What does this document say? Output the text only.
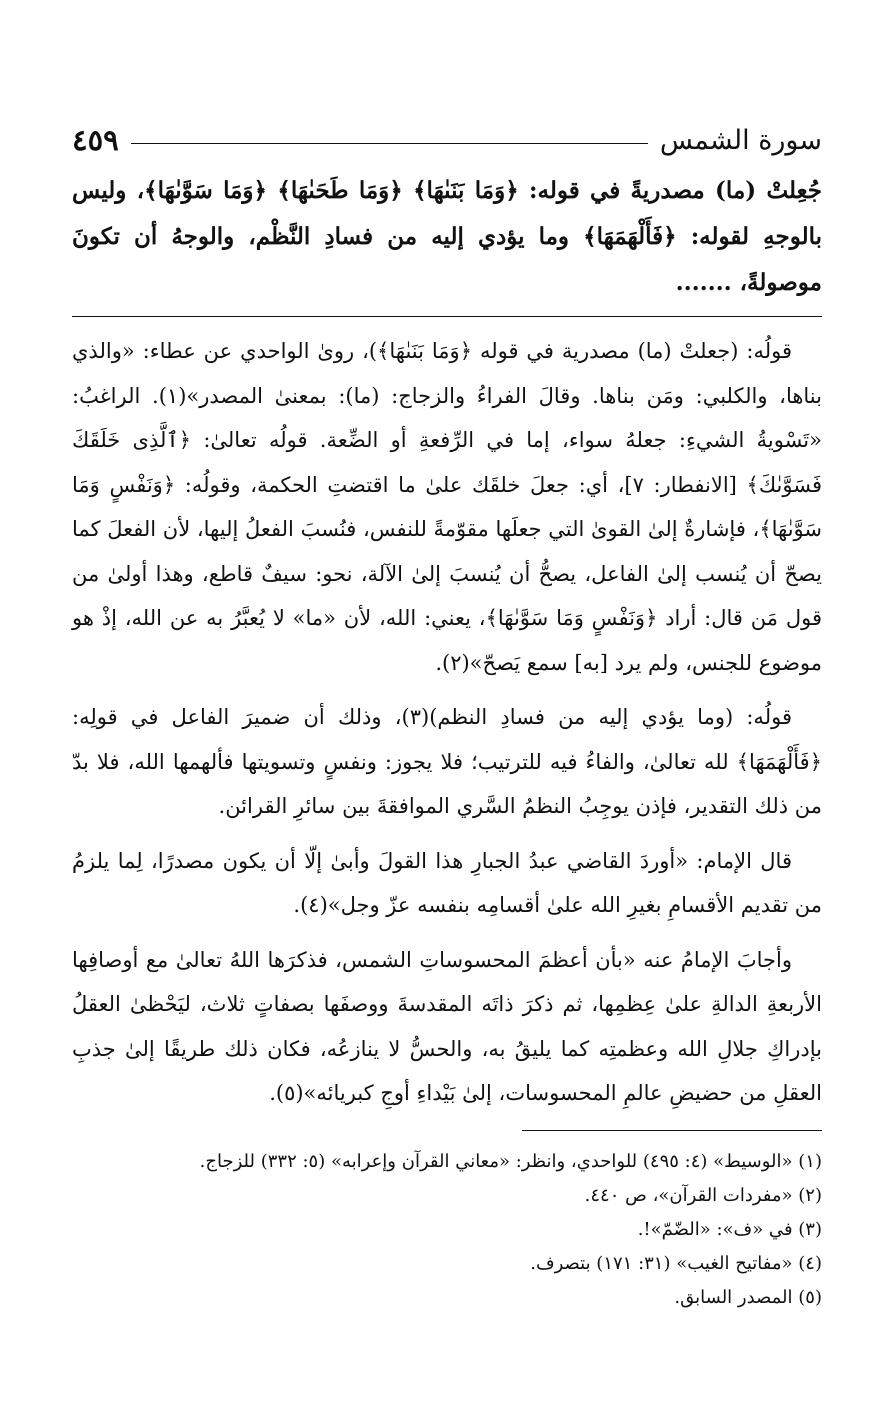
سورة الشمس
٤٥٩
جُعِلتْ (ما) مصدريةً في قوله: ﴿وَمَا بَنَىٰهَا﴾ ﴿وَمَا طَحَىٰهَا﴾ ﴿وَمَا سَوَّىٰهَا﴾، وليس بالوجهِ لقوله: ﴿فَأَلْهَمَهَا﴾ وما يؤدي إليه من فسادِ النَّظْم، والوجهُ أن تكونَ موصولةً، .......

قولُه: (جعلتْ (ما) مصدرية في قوله ﴿وَمَا بَنَىٰهَا﴾)، روىٰ الواحدي عن عطاء: «والذي بناها، والكلبي: ومَن بناها. وقالَ الفراءُ والزجاج: (ما): بمعنىٰ المصدر»(١). الراغبُ: «تَسْويةُ الشيءِ: جعلهُ سواء، إما في الرِّفعةِ أو الضِّعة. قولُه تعالىٰ: ﴿ٱلَّذِى خَلَقَكَ فَسَوَّىٰكَ﴾ [الانفطار: ٧]، أي: جعلَ خلقَك علىٰ ما اقتضتِ الحكمة، وقولُه: ﴿وَنَفْسٍ وَمَا سَوَّىٰهَا﴾، فإشارةٌ إلىٰ القوىٰ التي جعلَها مقوّمةً للنفس، فنُسبَ الفعلُ إليها، لأن الفعلَ كما يصحّ أن يُنسب إلىٰ الفاعل، يصحُّ أن يُنسبَ إلىٰ الآلة، نحو: سيفٌ قاطع، وهذا أولىٰ من قول مَن قال: أراد ﴿وَنَفْسٍ وَمَا سَوَّىٰهَا﴾، يعني: الله، لأن «ما» لا يُعبَّرُ به عن الله، إذْ هو موضوع للجنس، ولم يرد [به] سمع يَصحّ»(٢).

قولُه: (وما يؤدي إليه من فسادِ النظم)(٣)، وذلك أن ضميرَ الفاعل في قولِه: ﴿فَأَلْهَمَهَا﴾ لله تعالىٰ، والفاءُ فيه للترتيب؛ فلا يجوز: ونفسٍ وتسويتها فألهمها الله، فلا بدّ من ذلك التقدير، فإذن يوجِبُ النظمُ السَّري الموافقةَ بين سائرِ القرائن.

قال الإمام: «أوردَ القاضي عبدُ الجبارِ هذا القولَ وأبىٰ إلّا أن يكون مصدرًا، لِما يلزمُ من تقديم الأقسامِ بغيرِ الله علىٰ أقسامِه بنفسه عزّ وجل»(٤).

وأجابَ الإمامُ عنه «بأن أعظمَ المحسوساتِ الشمس، فذكرَها اللهُ تعالىٰ مع أوصافِها الأربعةِ الدالةِ علىٰ عِظمِها، ثم ذكرَ ذاتَه المقدسةَ ووصفَها بصفاتٍ ثلاث، ليَحْظىٰ العقلُ بإدراكِ جلالِ الله وعظمتِه كما يليقُ به، والحسُّ لا ينازعُه، فكان ذلك طريقًا إلىٰ جذبِ العقلِ من حضيضِ عالمِ المحسوسات، إلىٰ بَيْداءِ أوجِ كبريائه»(٥).

(١) «الوسيط» (٤: ٤٩٥) للواحدي، وانظر: «معاني القرآن وإعرابه» (٥: ٣٣٢) للزجاج.

(٢) «مفردات القرآن»، ص ٤٤٠.

(٣) في «ف»: «الضّمّ»!.

(٤) «مفاتيح الغيب» (٣١: ١٧١) بتصرف.

(٥) المصدر السابق.
